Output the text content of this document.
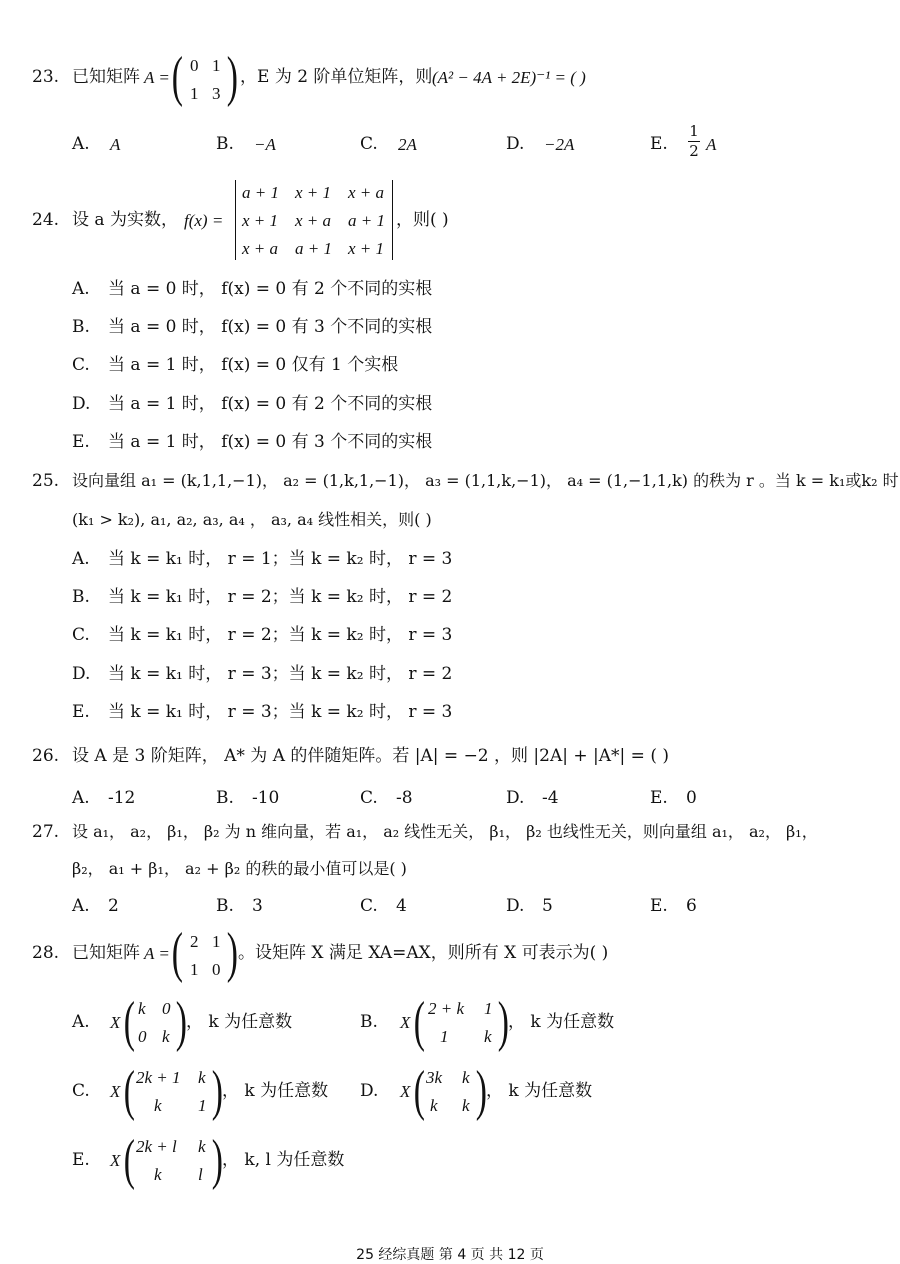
23. 已知矩阵 A = ( 0 1
1 3 ) ，E 为 2 阶单位矩阵，则 (A² − 4A + 2E)⁻¹ = ( )
A. A	B. −A	C. 2A	D. −2A	E.
1
2 A
24. 设 a 为实数， f(x) =
a + 1 x + 1 x + a
x + 1 x + a a + 1
x + a a + 1 x + 1
，则( )
A. 当 a = 0 时， f(x) = 0 有 2 个不同的实根
B. 当 a = 0 时， f(x) = 0 有 3 个不同的实根
C. 当 a = 1 时， f(x) = 0 仅有 1 个实根
D. 当 a = 1 时， f(x) = 0 有 2 个不同的实根
E. 当 a = 1 时， f(x) = 0 有 3 个不同的实根
25. 设向量组 a₁ = (k,1,1,−1)， a₂ = (1,k,1,−1)， a₃ = (1,1,k,−1)， a₄ = (1,−1,1,k) 的秩为 r 。当 k = k₁或k₂ 时
(k₁ > k₂), a₁, a₂, a₃, a₄ ， a₃, a₄ 线性相关，则( )
A. 当 k = k₁ 时， r = 1；当 k = k₂ 时， r = 3
B. 当 k = k₁ 时， r = 2；当 k = k₂ 时， r = 2
C. 当 k = k₁ 时， r = 2；当 k = k₂ 时， r = 3
D. 当 k = k₁ 时， r = 3；当 k = k₂ 时， r = 2
E. 当 k = k₁ 时， r = 3；当 k = k₂ 时， r = 3
26. 设 A 是 3 阶矩阵， A* 为 A 的伴随矩阵。若 |A| = −2 ，则 |2A| + |A*| = ( )
A. -12	B. -10	C. -8	D. -4	E. 0
27. 设 a₁， a₂， β₁， β₂ 为 n 维向量，若 a₁， a₂ 线性无关， β₁， β₂ 也线性无关，则向量组 a₁， a₂， β₁，
β₂， a₁ + β₁， a₂ + β₂ 的秩的最小值可以是( )
A. 2	B. 3	C. 4	D. 5	E. 6
28. 已知矩阵 A = ( 2 1
1 0 ) 。设矩阵 X 满足 XA=AX，则所有 X 可表示为( )
A. X ( k 0
0 k ) ， k 为任意数	B. X ( 2 + k 1
1 k ) ， k 为任意数
C. X ( 2k + 1 k
k 1 ) ， k 为任意数 D. X ( 3k k
k k ) ， k 为任意数
E. X ( 2k + l k
k l ) ， k, l 为任意数
25 经综真题 第 4 页 共 12 页
